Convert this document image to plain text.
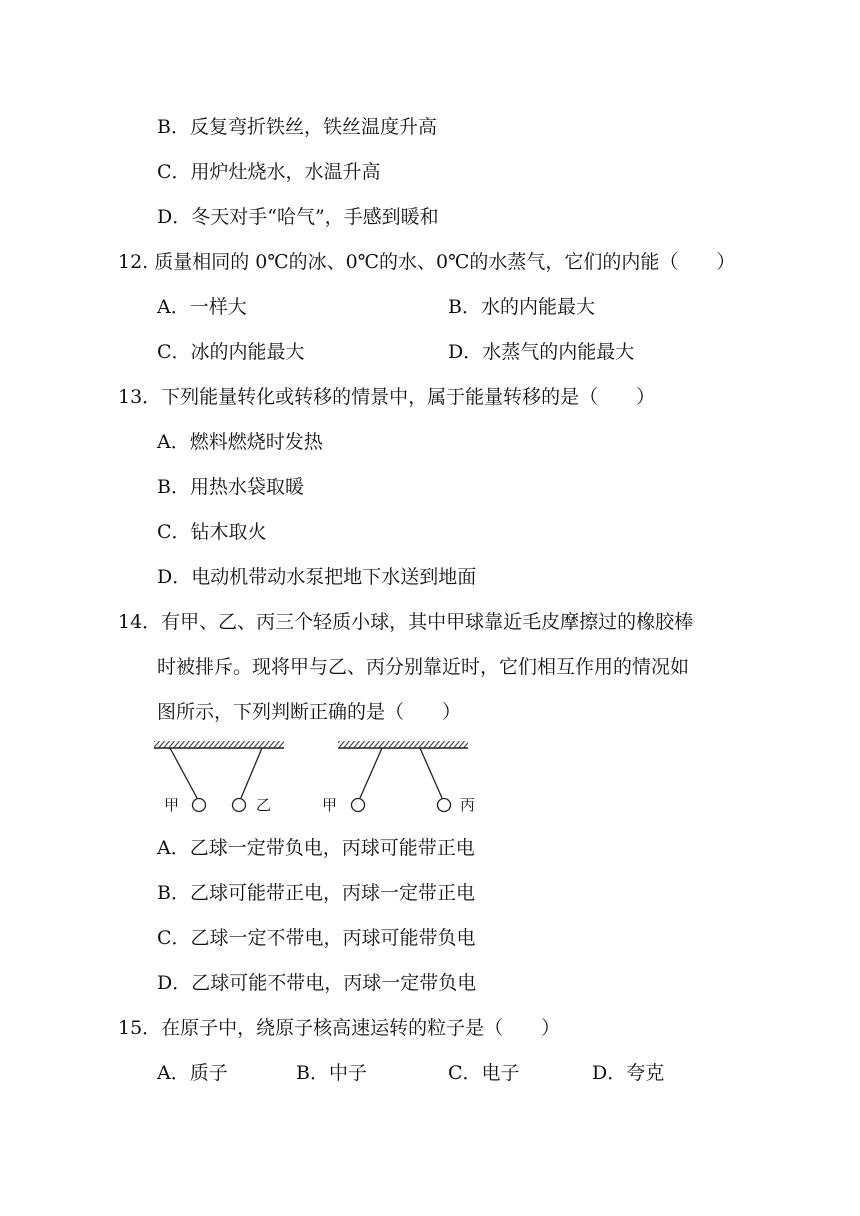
B．反复弯折铁丝，铁丝温度升高
C．用炉灶烧水，水温升高
D．冬天对手“哈气”，手感到暖和
12. 质量相同的 0℃的冰、0℃的水、0℃的水蒸气，它们的内能（　　）
A．一样大	B．水的内能最大
C．冰的内能最大	D．水蒸气的内能最大
13．下列能量转化或转移的情景中，属于能量转移的是（　　）
A．燃料燃烧时发热
B．用热水袋取暖
C．钻木取火
D．电动机带动水泵把地下水送到地面
14．有甲、乙、丙三个轻质小球，其中甲球靠近毛皮摩擦过的橡胶棒
时被排斥。现将甲与乙、丙分别靠近时，它们相互作用的情况如
图所示，下列判断正确的是（　　）
甲	乙	甲	丙
A．乙球一定带负电，丙球可能带正电
B．乙球可能带正电，丙球一定带正电
C．乙球一定不带电，丙球可能带负电
D．乙球可能不带电，丙球一定带负电
15．在原子中，绕原子核高速运转的粒子是（　　）
A．质子	B．中子	C．电子	D．夸克
